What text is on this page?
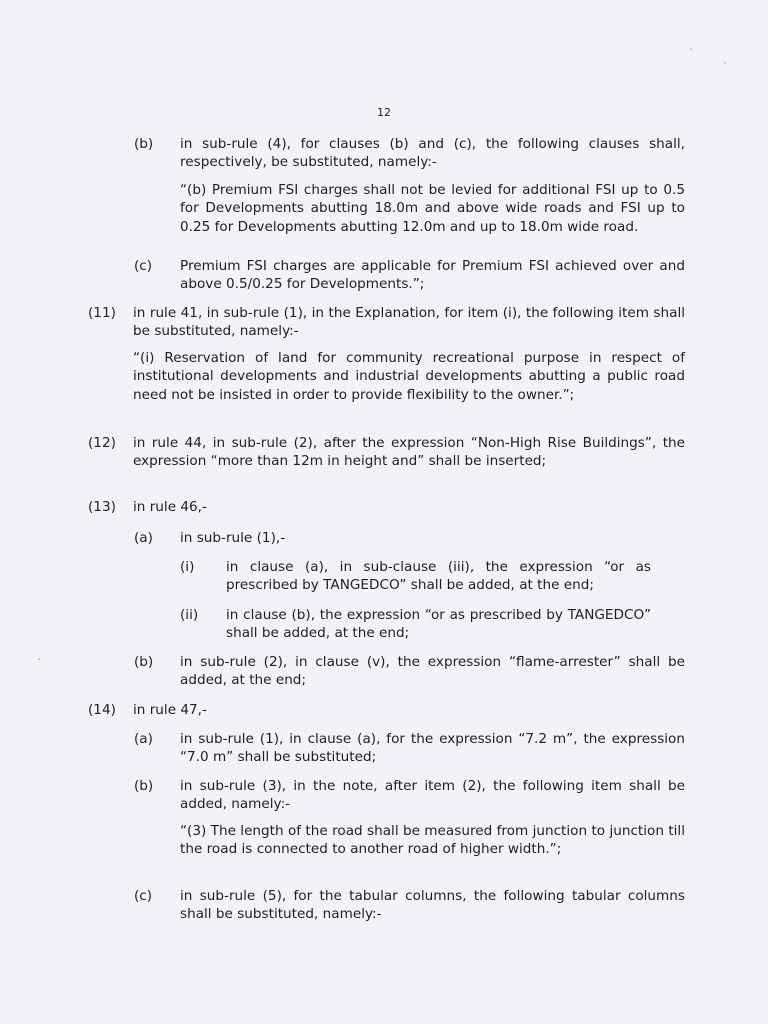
12
(b) in sub-rule (4), for clauses (b) and (c), the following clauses shall, respectively, be substituted, namely:-
“(b) Premium FSI charges shall not be levied for additional FSI up to 0.5 for Developments abutting 18.0m and above wide roads and FSI up to 0.25 for Developments abutting 12.0m and up to 18.0m wide road.
(c) Premium FSI charges are applicable for Premium FSI achieved over and above 0.5/0.25 for Developments.”;
(11) in rule 41, in sub-rule (1), in the Explanation, for item (i), the following item shall be substituted, namely:-
“(i) Reservation of land for community recreational purpose in respect of institutional developments and industrial developments abutting a public road need not be insisted in order to provide flexibility to the owner.”;
(12) in rule 44, in sub-rule (2), after the expression “Non-High Rise Buildings”, the expression “more than 12m in height and” shall be inserted;
(13) in rule 46,-
(a) in sub-rule (1),-
(i) in clause (a), in sub-clause (iii), the expression “or as prescribed by TANGEDCO” shall be added, at the end;
(ii) in clause (b), the expression “or as prescribed by TANGEDCO” shall be added, at the end;
(b) in sub-rule (2), in clause (v), the expression “flame-arrester” shall be added, at the end;
(14) in rule 47,-
(a) in sub-rule (1), in clause (a), for the expression “7.2 m”, the expression “7.0 m” shall be substituted;
(b) in sub-rule (3), in the note, after item (2), the following item shall be added, namely:-
“(3) The length of the road shall be measured from junction to junction till the road is connected to another road of higher width.”;
(c) in sub-rule (5), for the tabular columns, the following tabular columns shall be substituted, namely:-
